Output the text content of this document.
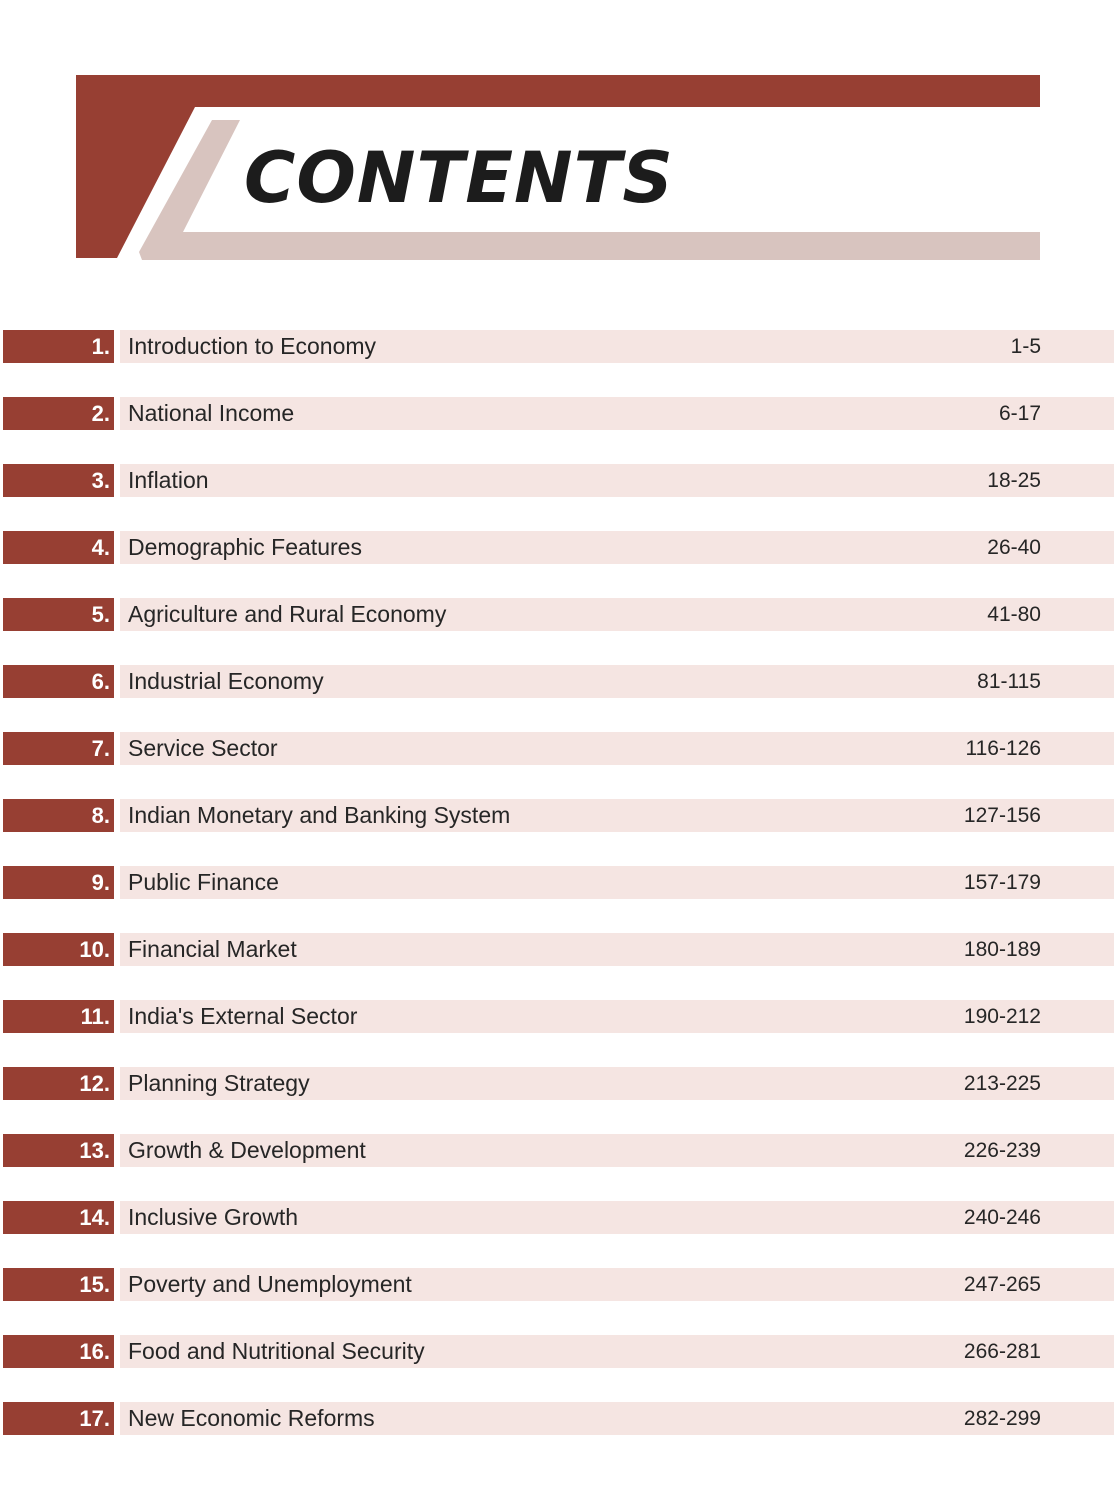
CONTENTS
1. Introduction to Economy	1-5
2. National Income	6-17
3. Inflation	18-25
4. Demographic Features	26-40
5. Agriculture and Rural Economy	41-80
6. Industrial Economy	81-115
7. Service Sector	116-126
8. Indian Monetary and Banking System	127-156
9. Public Finance	157-179
10. Financial Market	180-189
11. India's External Sector	190-212
12. Planning Strategy	213-225
13. Growth & Development	226-239
14. Inclusive Growth	240-246
15. Poverty and Unemployment	247-265
16. Food and Nutritional Security	266-281
17. New Economic Reforms	282-299
